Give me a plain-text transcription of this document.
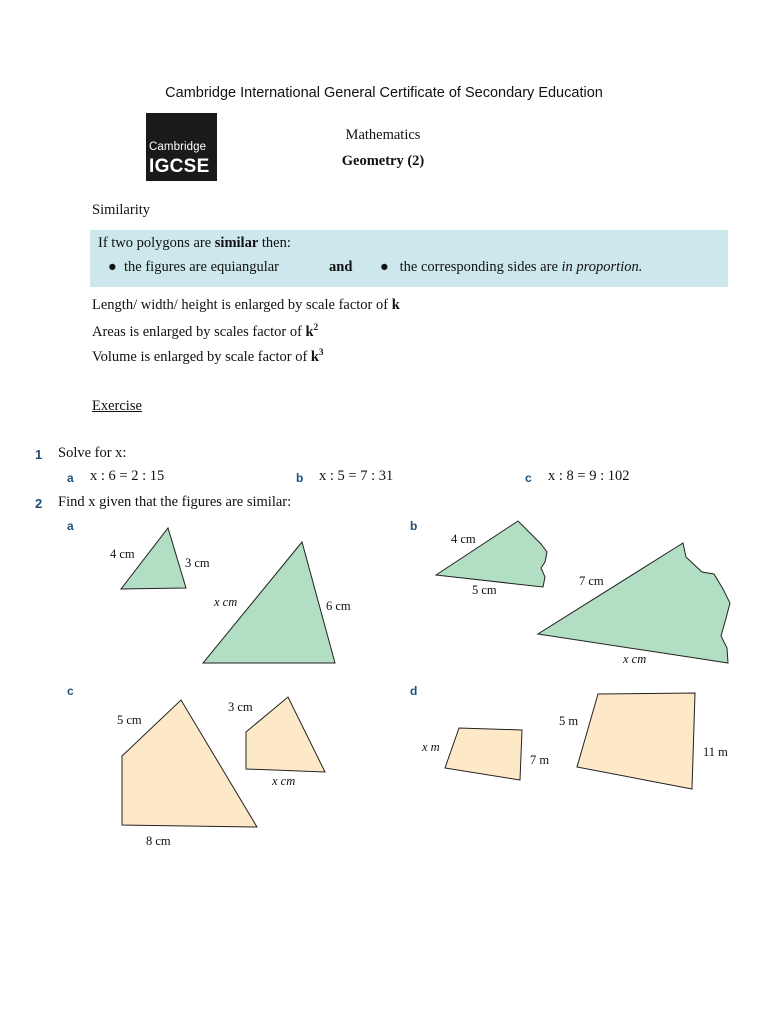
Cambridge International General Certificate of Secondary Education
Cambridge
IGCSE
Mathematics
Geometry (2)
Similarity
If two polygons are similar then:
●  the figures are equiangular	and ●   the corresponding sides are in proportion.
Length/ width/ height is enlarged by scale factor of k
Areas is enlarged by scales factor of $k^2$
Volume is enlarged by scale factor of $k^3$
Exercise
1 Solve for x:
a x : 6 = 2 : 15	b x : 5 = 7 : 31	c x : 8 = 9 : 102
2 Find x given that the figures are similar:
a	b
c	d
4 cm
3 cm
x cm	6 cm
4 cm
5 cm
7 cm
x cm
5 cm
3 cm
x cm
8 cm
5 m
x m
7 m
11 m
